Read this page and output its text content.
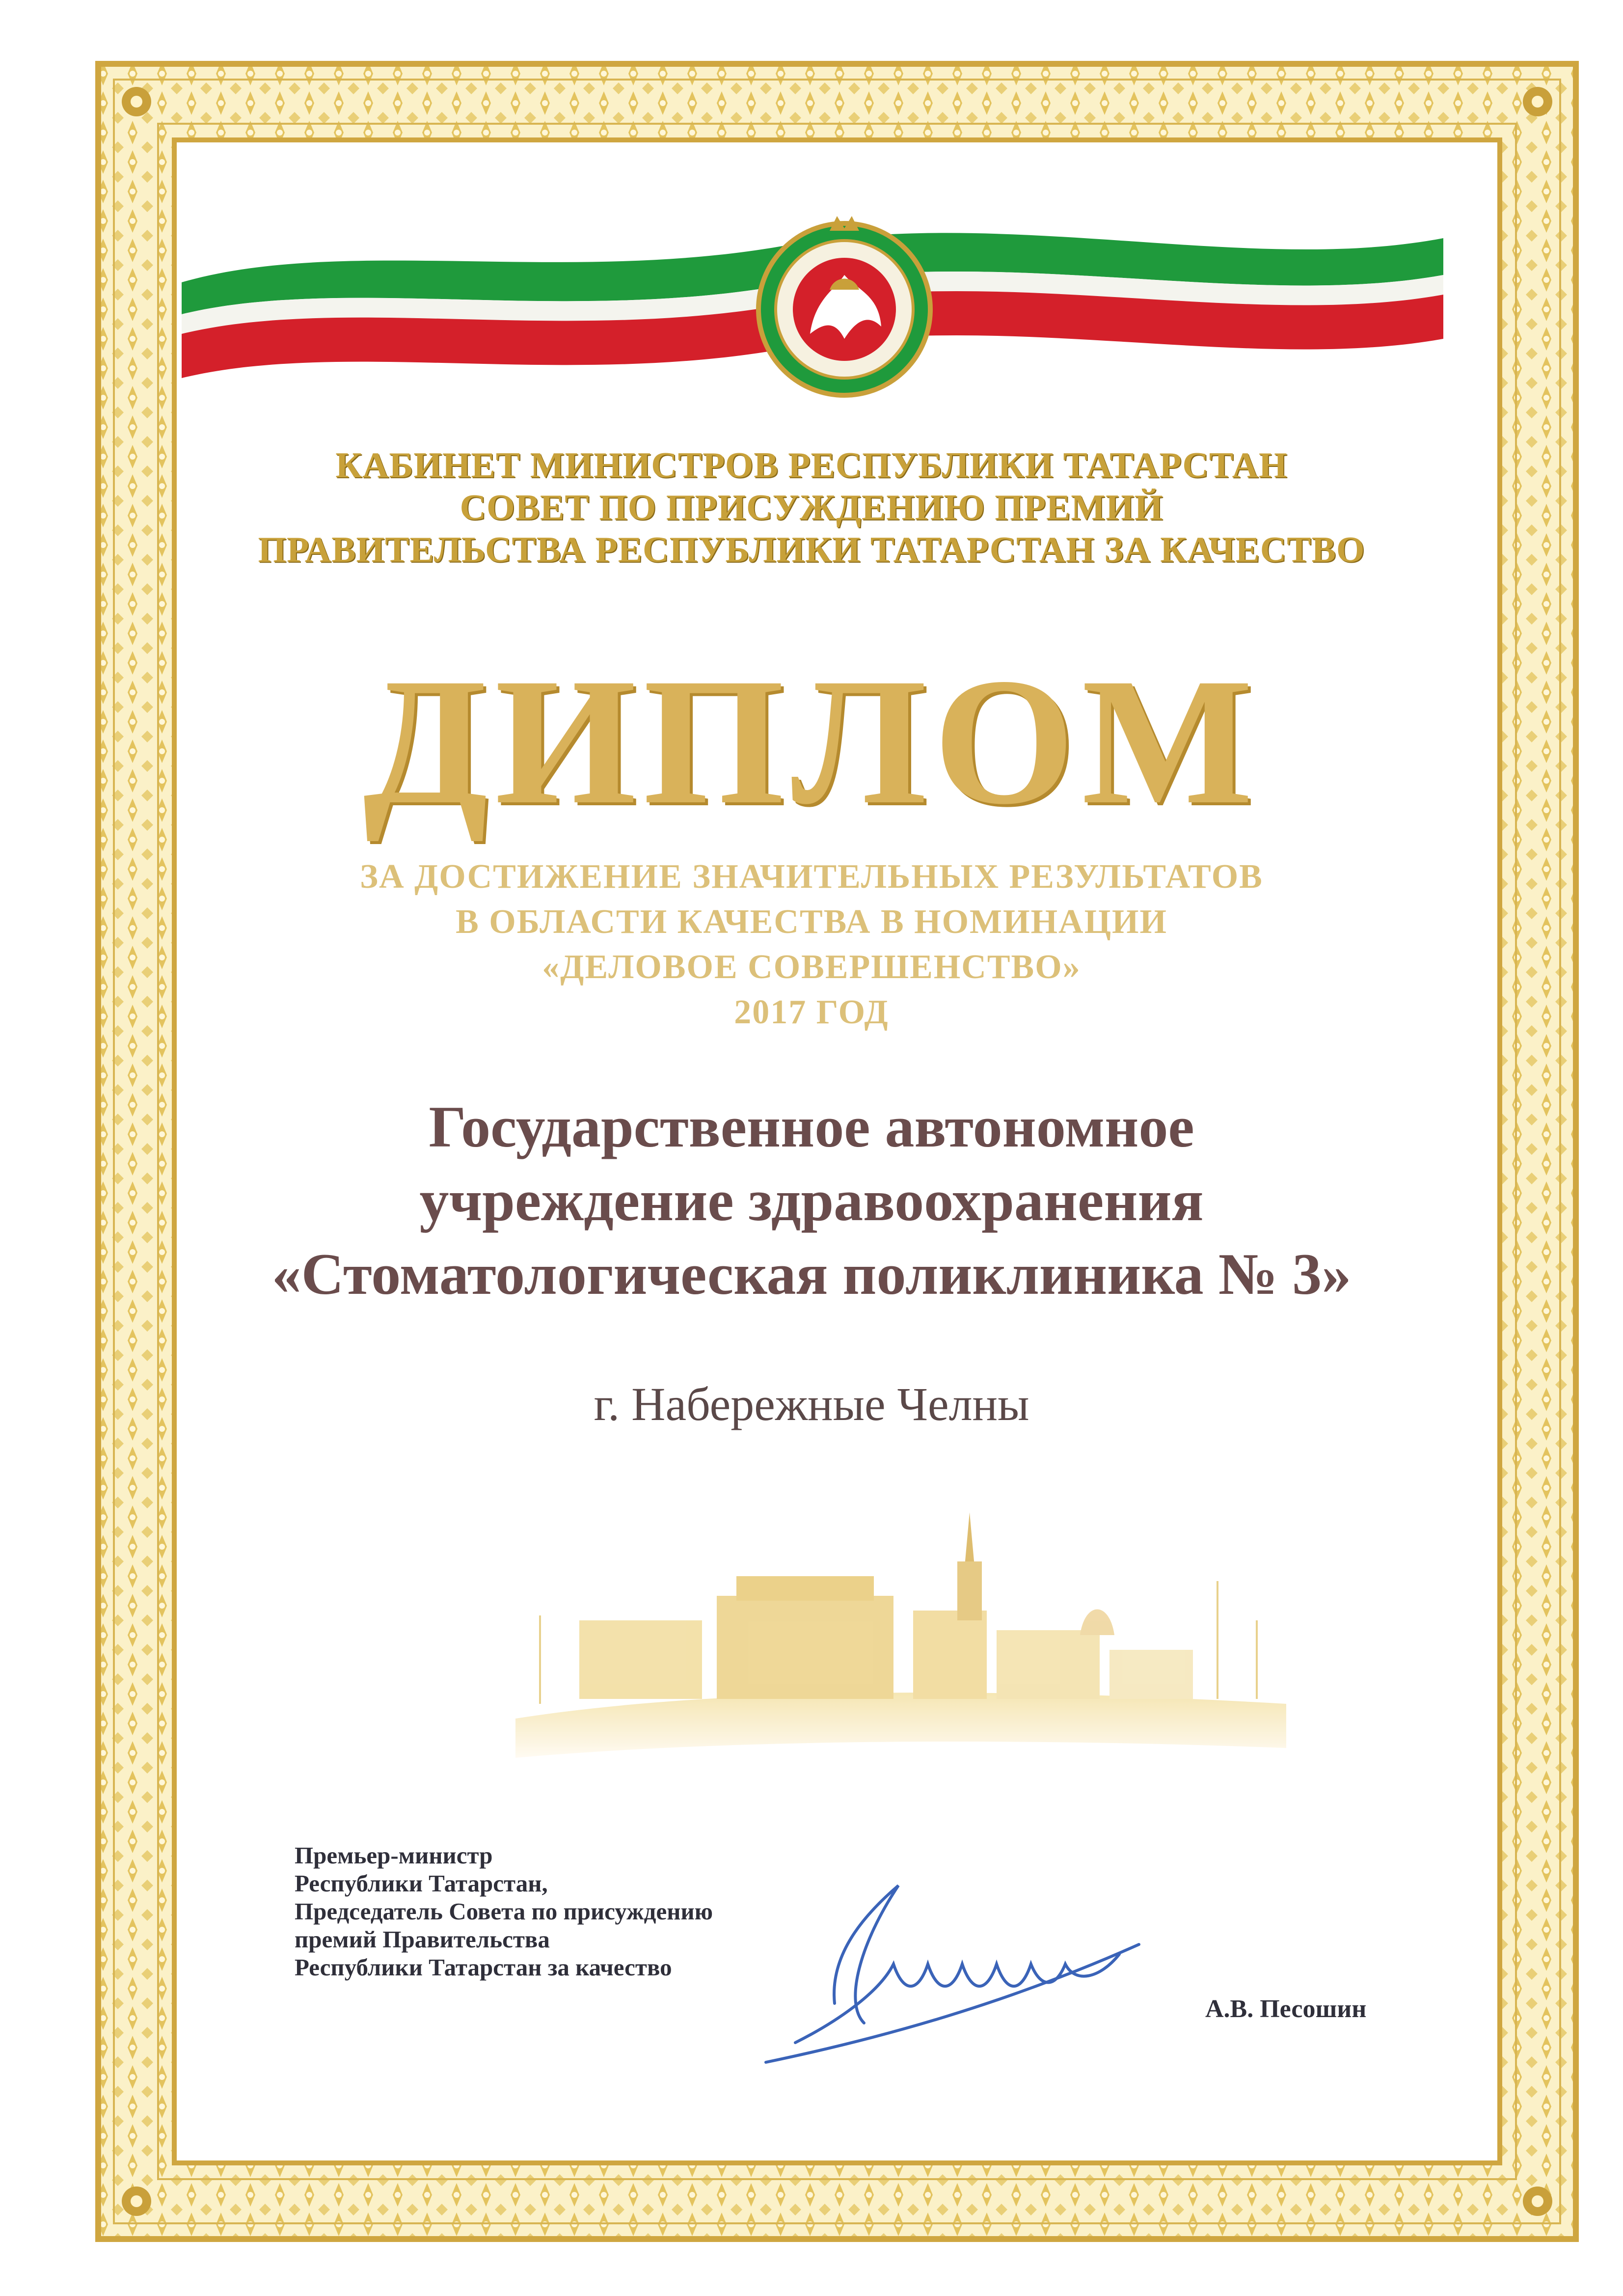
КАБИНЕТ МИНИСТРОВ РЕСПУБЛИКИ ТАТАРСТАН
СОВЕТ ПО ПРИСУЖДЕНИЮ ПРЕМИЙ
ПРАВИТЕЛЬСТВА РЕСПУБЛИКИ ТАТАРСТАН ЗА КАЧЕСТВО
ДИПЛОМ
ЗА ДОСТИЖЕНИЕ ЗНАЧИТЕЛЬНЫХ РЕЗУЛЬТАТОВ
В ОБЛАСТИ КАЧЕСТВА В НОМИНАЦИИ
«ДЕЛОВОЕ СОВЕРШЕНСТВО»
2017 ГОД
Государственное автономное
учреждение здравоохранения
«Стоматологическая поликлиника № 3»
г. Набережные Челны
Премьер-министр
Республики Татарстан,
Председатель Совета по присуждению
премий Правительства
Республики Татарстан за качество
А.В. Песошин
